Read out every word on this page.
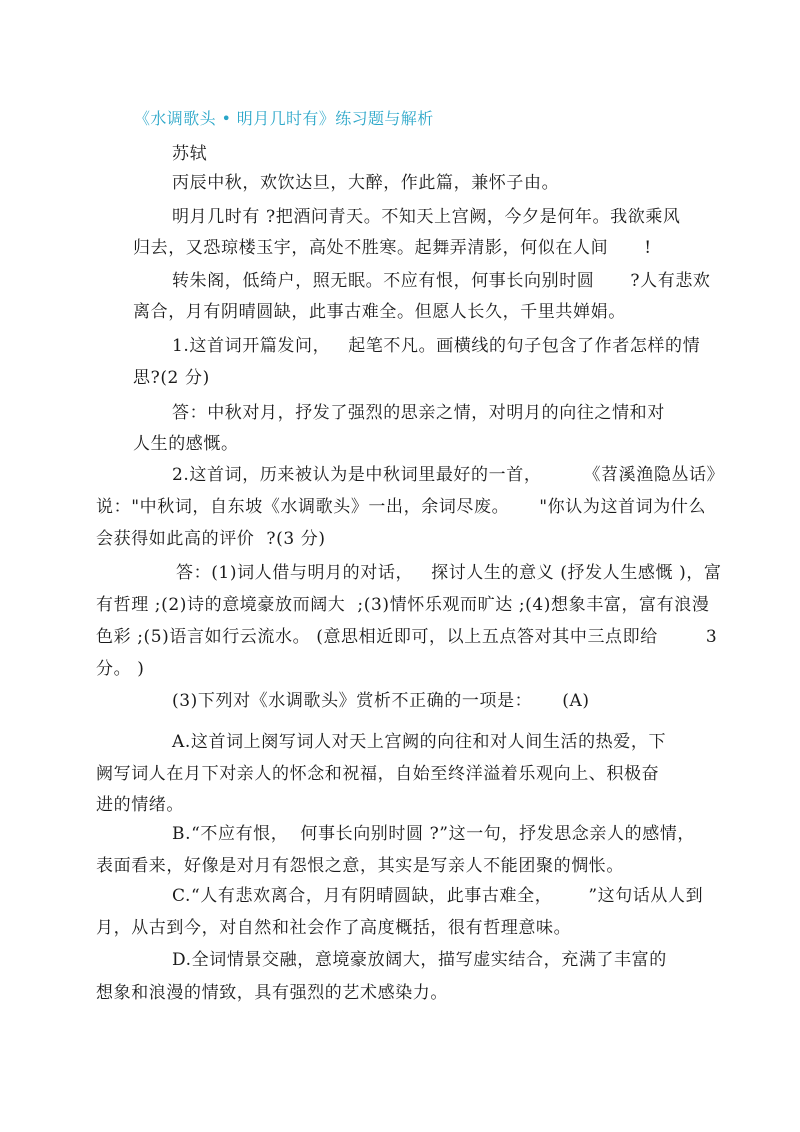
《水调歌头 • 明月几时有》练习题与解析
苏轼
丙辰中秋，欢饮达旦，大醉，作此篇，兼怀子由。
明月几时有 ?把酒问青天。不知天上宫阙，今夕是何年。我欲乘风
归去，又恐琼楼玉宇，高处不胜寒。起舞弄清影，何似在人间      !
转朱阁，低绮户，照无眠。不应有恨，何事长向别时圆      ?人有悲欢
离合，月有阴晴圆缺，此事古难全。但愿人长久，千里共婵娟。
1.这首词开篇发问，   起笔不凡。画横线的句子包含了作者怎样的情
思?(2 分)
答：中秋对月，抒发了强烈的思亲之情，对明月的向往之情和对
人生的感慨。
2.这首词，历来被认为是中秋词里最好的一首，       《苕溪渔隐丛话》
说："中秋词，自东坡《水调歌头》一出，余词尽废。     "你认为这首词为什么
会获得如此高的评价  ?(3 分)
答：(1)词人借与明月的对话，   探讨人生的意义 (抒发人生感慨 )，富
有哲理 ;(2)诗的意境豪放而阔大  ;(3)情怀乐观而旷达 ;(4)想象丰富，富有浪漫
色彩 ;(5)语言如行云流水。 (意思相近即可，以上五点答对其中三点即给        3
分。 )
(3)下列对《水调歌头》赏析不正确的一项是：     (A)
A.这首词上阕写词人对天上宫阙的向往和对人间生活的热爱，下
阙写词人在月下对亲人的怀念和祝福，自始至终洋溢着乐观向上、积极奋
进的情绪。
B.“不应有恨，  何事长向别时圆 ?”这一句，抒发思念亲人的感情，
表面看来，好像是对月有怨恨之意，其实是写亲人不能团聚的惆怅。
C.“人有悲欢离合，月有阴晴圆缺，此事古难全，      ”这句话从人到
月，从古到今，对自然和社会作了高度概括，很有哲理意味。
D.全词情景交融，意境豪放阔大，描写虚实结合，充满了丰富的
想象和浪漫的情致，具有强烈的艺术感染力。
